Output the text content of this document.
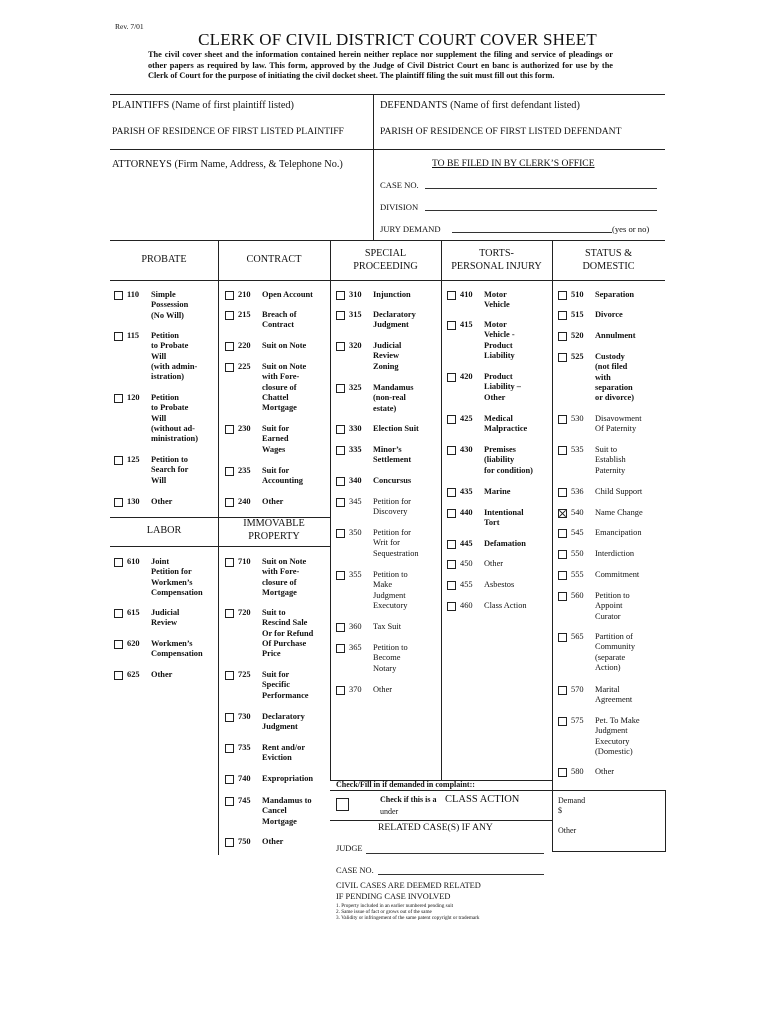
Rev. 7/01
CLERK OF CIVIL DISTRICT COURT COVER SHEET
The civil cover sheet and the information contained herein neither replace nor supplement the filing and service of pleadings or other papers as required by law. This form, approved by the Judge of Civil District Court en banc is authorized for use by the Clerk of Court for the purpose of initiating the civil docket sheet. The plaintiff filing the suit must fill out this form.
PLAINTIFFS (Name of first plaintiff listed)	DEFENDANTS (Name of first defendant listed)
PARISH OF RESIDENCE OF FIRST LISTED PLAINTIFF	PARISH OF RESIDENCE OF FIRST LISTED DEFENDANT
ATTORNEYS (Firm Name, Address, & Telephone No.)	TO BE FILED IN BY CLERK’S OFFICE
CASE NO.
DIVISION
JURY DEMAND	(yes or no)
PROBATE	CONTRACT
SPECIAL
PROCEEDING
TORTS-
PERSONAL INJURY
STATUS &
DOMESTIC
LABOR
IMMOVABLE
PROPERTY
110	Simple
Possession
(No Will)
115	Petition
to Probate
Will
(with admin-
istration)
120	Petition
to Probate
Will
(without ad-
ministration)
125	Petition to
Search for
Will
130	Other
610	Joint
Petition for
Workmen’s
Compensation
615	Judicial
Review
620	Workmen’s
Compensation
625	Other
210	Open Account
215	Breach of
Contract
220	Suit on Note
225	Suit on Note
with Fore-
closure of
Chattel
Mortgage
230	Suit for
Earned
Wages
235	Suit for
Accounting
240	Other
710	Suit on Note
with Fore-
closure of
Mortgage
720	Suit to
Rescind Sale
Or for Refund
Of Purchase
Price
725	Suit for
Specific
Performance
730	Declaratory
Judgment
735	Rent and/or
Eviction
740	Expropriation
745	Mandamus to
Cancel
Mortgage
750	Other
310	Injunction
315	Declaratory
Judgment
320	Judicial
Review
Zoning
325	Mandamus
(non-real
estate)
330	Election Suit
335	Minor’s
Settlement
340	Concursus
345	Petition for
Discovery
350	Petition for
Writ for
Sequestration
355	Petition to
Make
Judgment
Executory
360	Tax Suit
365	Petition to
Become
Notary
370	Other
410	Motor
Vehicle
415	Motor
Vehicle -
Product
Liability
420	Product
Liability –
Other
425	Medical
Malpractice
430	Premises
(liability
for condition)
435	Marine
440	Intentional
Tort
445	Defamation
450	Other
455	Asbestos
460	Class Action
510	Separation
515	Divorce
520	Annulment
525	Custody
(not filed
with
separation
or divorce)
530	Disavowment
Of Paternity
535	Suit to
Establish
Paternity
536	Child Support
540	Name Change
545	Emancipation
550	Interdiction
555	Commitment
560	Petition to
Appoint
Curator
565	Partition of
Community
(separate
Action)
570	Marital
Agreement
575	Pet. To Make
Judgment
Executory
(Domestic)
580	Other
Check/Fill in if demanded in complaint::
Check if this is a CLASS ACTION
under
Demand
$
Other
RELATED CASE(S) IF ANY
JUDGE
CASE NO.
CIVIL CASES ARE DEEMED RELATED
IF PENDING CASE INVOLVED
1. Property included in an earlier numbered pending suit
2. Same issue of fact or grows out of the same
3. Validity or infringement of the same patent copyright or trademark
